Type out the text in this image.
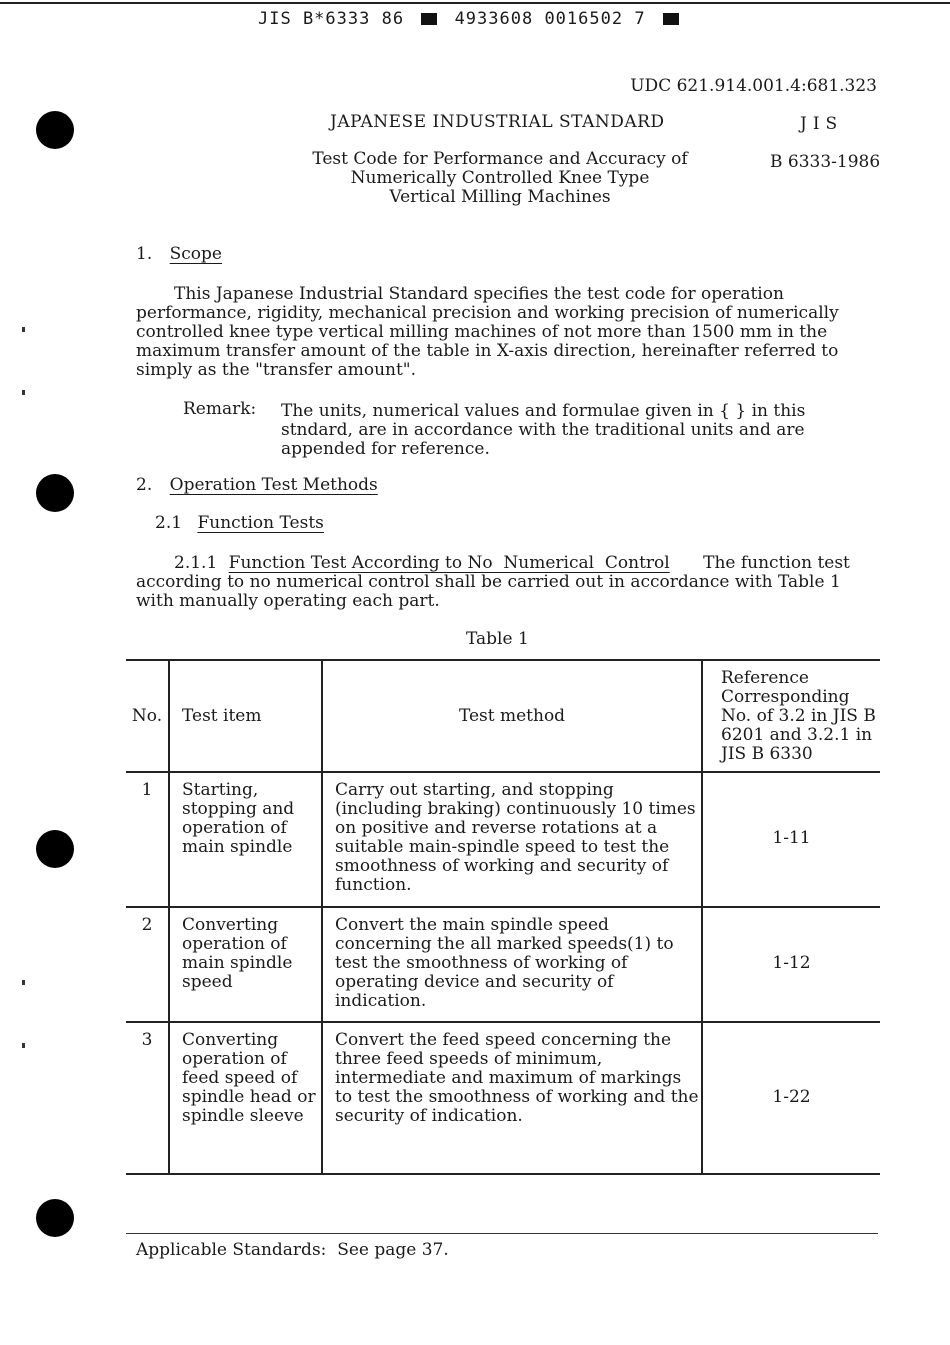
JIS B*6333 86	4933608 0016502 7
UDC 621.914.001.4:681.323
JAPANESE INDUSTRIAL STANDARD	JIS
Test Code for Performance and Accuracy of
Numerically Controlled Knee Type
Vertical Milling Machines
B 6333-1986
1. Scope
This Japanese Industrial Standard specifies the test code for operation performance, rigidity, mechanical precision and working precision of numerically controlled knee type vertical milling machines of not more than 1500 mm in the maximum transfer amount of the table in X-axis direction, hereinafter referred to simply as the "transfer amount".
Remark: The units, numerical values and formulae given in { } in this stndard, are in accordance with the traditional units and are appended for reference.
2. Operation Test Methods
2.1 Function Tests
2.1.1 Function Test According to No  Numerical  Control The function test according to no numerical control shall be carried out in accordance with Table 1 with manually operating each part.
Table 1
No.	Test item	Test method	Reference Corresponding No. of 3.2 in JIS B 6201 and 3.2.1 in JIS B 6330
1	Starting, stopping and operation of main spindle	Carry out starting, and stopping (including braking) continuously 10 times on positive and reverse rotations at a suitable main-spindle speed to test the smoothness of working and security of function.	1-11
2	Converting operation of main spindle speed	Convert the main spindle speed concerning the all marked speeds(1) to test the smoothness of working of operating device and security of indication.	1-12
3	Converting operation of feed speed of spindle head or spindle sleeve	Convert the feed speed concerning the three feed speeds of minimum, intermediate and maximum of markings to test the smoothness of working and the security of indication.	1-22
Applicable Standards:  See page 37.
